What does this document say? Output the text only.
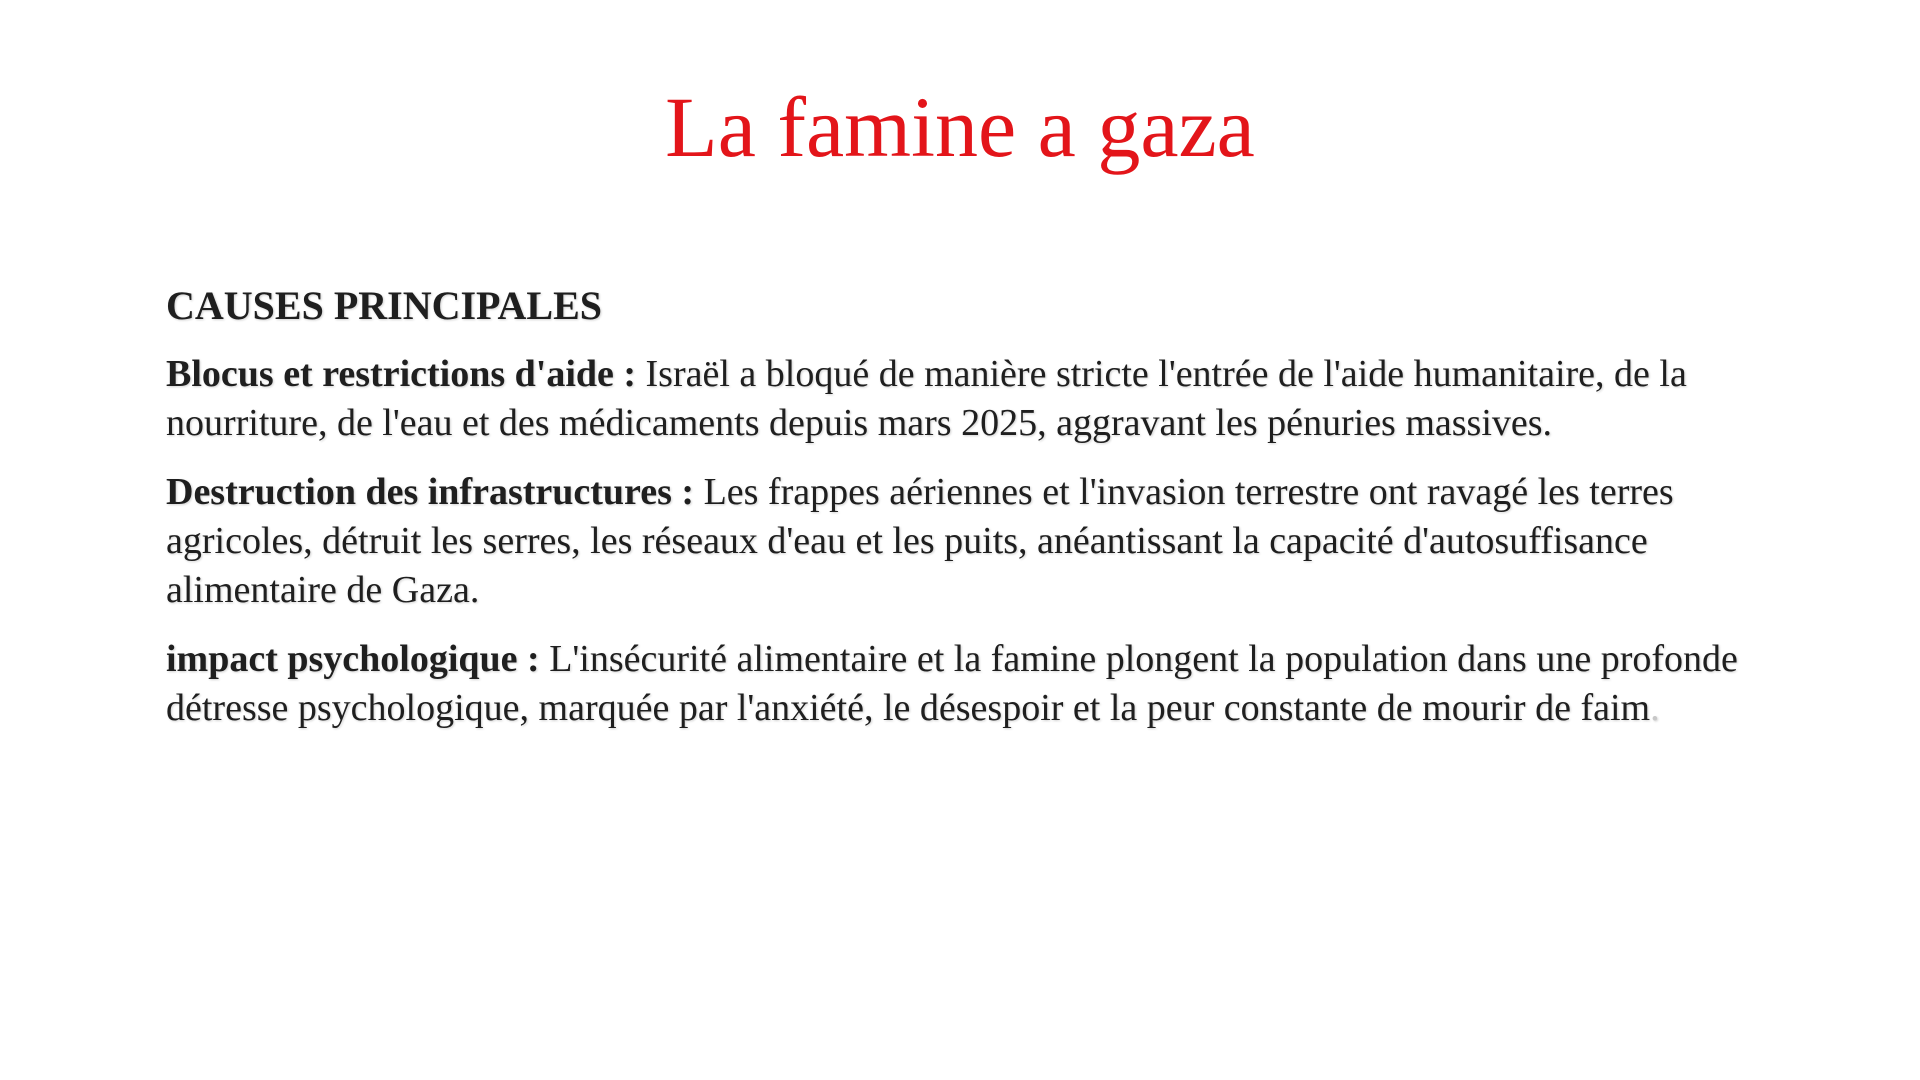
La famine a gaza

CAUSES PRINCIPALES

Blocus et restrictions d'aide : Israël a bloqué de manière stricte l'entrée de l'aide humanitaire, de la nourriture, de l'eau et des médicaments depuis mars 2025, aggravant les pénuries massives.

Destruction des infrastructures : Les frappes aériennes et l'invasion terrestre ont ravagé les terres agricoles, détruit les serres, les réseaux d'eau et les puits, anéantissant la capacité d'autosuffisance alimentaire de Gaza.

impact psychologique : L'insécurité alimentaire et la famine plongent la population dans une profonde détresse psychologique, marquée par l'anxiété, le désespoir et la peur constante de mourir de faim.
